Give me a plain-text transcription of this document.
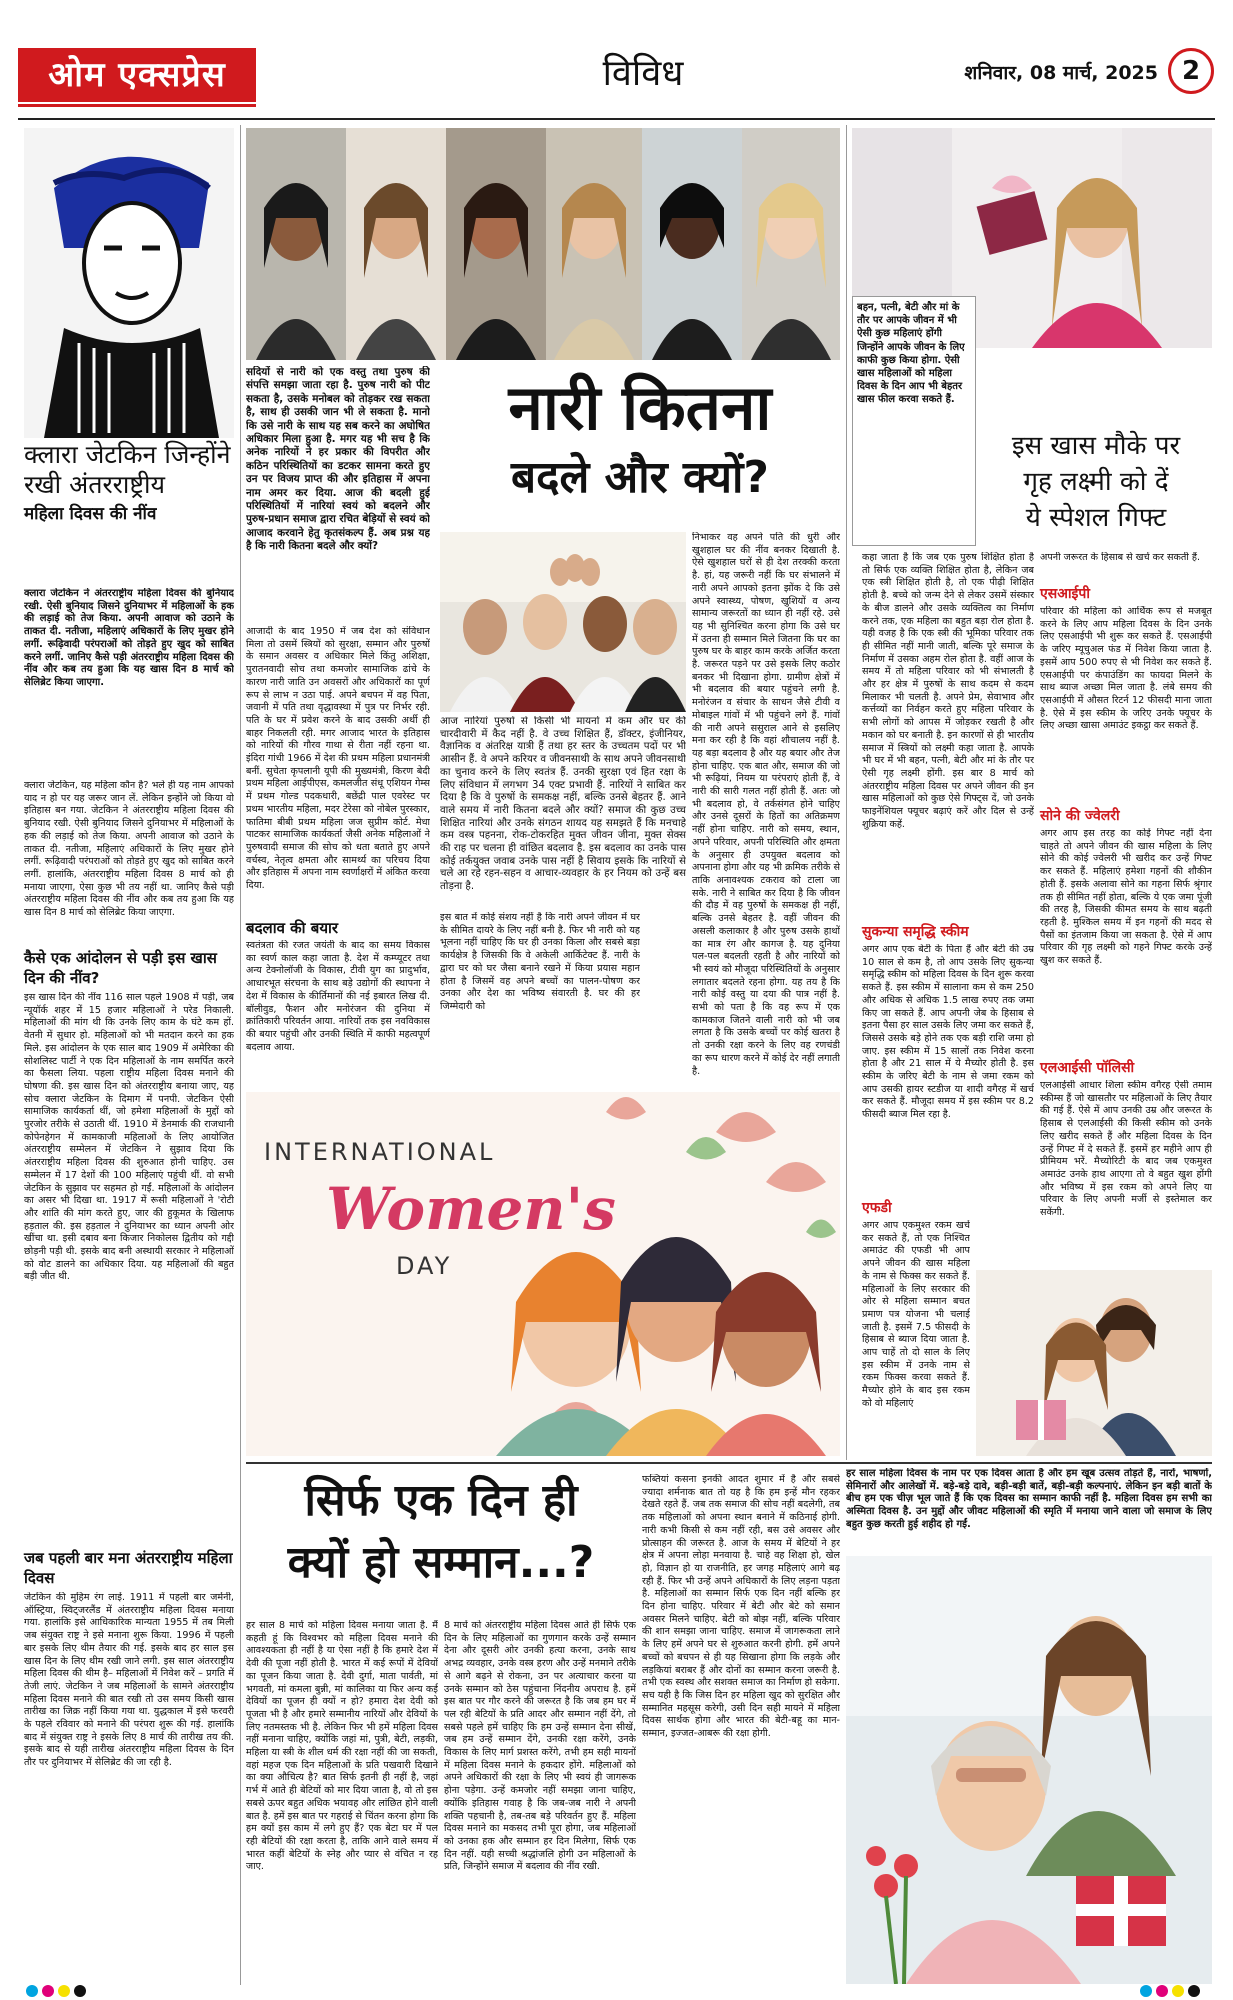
ओम एक्सप्रेस	विविध	शनिवार, 08 मार्च, 2025 2
क्लारा जेटकिन जिन्होंने रखी अंतरराष्ट्रीय
महिला दिवस की नींव
क्लारा जेटकिन ने अंतरराष्ट्रीय महिला दिवस की बुनियाद रखी. ऐसी बुनियाद जिसने दुनियाभर में महिलाओं के हक की लड़ाई को तेज किया. अपनी आवाज को उठाने के ताकत दी. नतीजा, महिलाएं अधिकारों के लिए मुखर होने लगीं. रूढ़िवादी परंपराओं को तोड़ते हुए खुद को साबित करने लगीं. जानिए कैसे पड़ी अंतरराष्ट्रीय महिला दिवस की नींव और कब तय हुआ कि यह खास दिन 8 मार्च को सेलिब्रेट किया जाएगा.
क्लारा जेटकिन, यह महिला कौन है? भले ही यह नाम आपको याद न हो पर यह जरूर जान लें. लेकिन इन्होंने जो किया वो इतिहास बन गया. जेटकिन ने अंतरराष्ट्रीय महिला दिवस की बुनियाद रखी. ऐसी बुनियाद जिसने दुनियाभर में महिलाओं के हक की लड़ाई को तेज किया. अपनी आवाज को उठाने के ताकत दी. नतीजा, महिलाएं अधिकारों के लिए मुखर होने लगीं. रूढ़िवादी परंपराओं को तोड़ते हुए खुद को साबित करने लगीं. हालांकि, अंतरराष्ट्रीय महिला दिवस 8 मार्च को ही मनाया जाएगा, ऐसा कुछ भी तय नहीं था. जानिए कैसे पड़ी अंतरराष्ट्रीय महिला दिवस की नींव और कब तय हुआ कि यह खास दिन 8 मार्च को सेलिब्रेट किया जाएगा.
कैसे एक आंदोलन से पड़ी इस खास दिन की नींव?
इस खास दिन की नींव 116 साल पहले 1908 में पड़ी, जब न्यूयॉर्क शहर में 15 हजार महिलाओं ने परेड निकाली. महिलाओं की मांग थी कि उनके लिए काम के घंटे कम हों. वेतनी में सुधार हो. महिलाओं को भी मतदान करने का हक मिले. इस आंदोलन के एक साल बाद 1909 में अमेरिका की सोशलिस्ट पार्टी ने एक दिन महिलाओं के नाम समर्पित करने का फैसला लिया. पहला राष्ट्रीय महिला दिवस मनाने की घोषणा की. इस खास दिन को अंतरराष्ट्रीय बनाया जाए, यह सोच क्लारा जेटकिन के दिमाग में पनपी. जेटकिन ऐसी सामाजिक कार्यकर्ता थीं, जो हमेशा महिलाओं के मुद्दों को पुरजोर तरीके से उठाती थीं. 1910 में डेनमार्क की राजधानी कोपेनहेगन में कामकाजी महिलाओं के लिए आयोजित अंतरराष्ट्रीय सम्मेलन में जेटकिन ने सुझाव दिया कि अंतरराष्ट्रीय महिला दिवस की शुरुआत होनी चाहिए. उस सम्मेलन में 17 देशों की 100 महिलाएं पहुंची थीं. वो सभी जेटकिन के सुझाव पर सहमत हो गईं. महिलाओं के आंदोलन का असर भी दिखा था. 1917 में रूसी महिलाओं ने 'रोटी और शांति की मांग करते हुए, जार की हुकूमत के खिलाफ हड़ताल की. इस हड़ताल ने दुनियाभर का ध्यान अपनी ओर खींचा था. इसी दबाव बना किजार निकोलस द्वितीय को गद्दी छोड़नी पड़ी थी. इसके बाद बनी अस्थायी सरकार ने महिलाओं को वोट डालने का अधिकार दिया. यह महिलाओं की बहुत बड़ी जीत थी.
जब पहली बार मना अंतरराष्ट्रीय महिला दिवस
जेटकिन की मुहिम रंग लाई. 1911 में पहली बार जर्मनी, ऑस्ट्रिया, स्विट्जरलैंड में अंतरराष्ट्रीय महिला दिवस मनाया गया. हालांकि इसे आधिकारिक मान्यता 1955 में तब मिली जब संयुक्त राष्ट्र ने इसे मनाना शुरू किया. 1996 में पहली बार इसके लिए थीम तैयार की गई. इसके बाद हर साल इस खास दिन के लिए थीम रखी जाने लगी. इस साल अंतरराष्ट्रीय महिला दिवस की थीम है– महिलाओं में निवेश करें – प्रगति में तेजी लाएं. जेटकिन ने जब महिलाओं के सामने अंतरराष्ट्रीय महिला दिवस मनाने की बात रखी तो उस समय किसी खास तारीख का जिक्र नहीं किया गया था. युद्धकाल में इसे फरवरी के पहले रविवार को मनाने की परंपरा शुरू की गई. हालांकि बाद में संयुक्त राष्ट्र ने इसके लिए 8 मार्च की तारीख तय की. इसके बाद से यही तारीख अंतरराष्ट्रीय महिला दिवस के दिन तौर पर दुनियाभर में सेलिब्रेट की जा रही है.
सदियों से नारी को एक वस्तु तथा पुरुष की संपत्ति समझा जाता रहा है. पुरुष नारी को पीट सकता है, उसके मनोबल को तोड़कर रख सकता है, साथ ही उसकी जान भी ले सकता है. मानो कि उसे नारी के साथ यह सब करने का अघोषित अधिकार मिला हुआ है. मगर यह भी सच है कि अनेक नारियों ने हर प्रकार की विपरीत और कठिन परिस्थितियों का डटकर सामना करते हुए उन पर विजय प्राप्त की और इतिहास में अपना नाम अमर कर दिया. आज की बदली हुई परिस्थितियों में नारियां स्वयं को बदलने और पुरुष-प्रधान समाज द्वारा रचित बेड़ियों से स्वयं को आजाद करवाने हेतु कृतसंकल्प हैं. अब प्रश्न यह है कि नारी कितना बदले और क्यों?
आजादी के बाद 1950 में जब देश को संविधान मिला तो उसमें स्त्रियों को सुरक्षा, सम्मान और पुरुषों के समान अवसर व अधिकार मिले किंतु अशिक्षा, पुरातनवादी सोच तथा कमजोर सामाजिक ढांचे के कारण नारी जाति उन अवसरों और अधिकारों का पूर्ण रूप से लाभ न उठा पाई. अपने बचपन में वह पिता, जवानी में पति तथा वृद्धावस्था में पुत्र पर निर्भर रही. पति के घर में प्रवेश करने के बाद उसकी अर्थी ही बाहर निकलती रही. मगर आजाद भारत के इतिहास को नारियों की गौरव गाथा से रीता नहीं रहना था. इंदिरा गांधी 1966 में देश की प्रथम महिला प्रधानमंत्री बनीं. सुचेता कृपलानी यूपी की मुख्यमंत्री, किरण बेदी प्रथम महिला आईपीएस, कमलजीत संधू एशियन गेम्स में प्रथम गोल्ड पदकधारी, बछेंद्री पाल एवरेस्ट पर प्रथम भारतीय महिला, मदर टेरेसा को नोबेल पुरस्कार, फातिमा बीबी प्रथम महिला जज सुप्रीम कोर्ट. मेधा पाटकर सामाजिक कार्यकर्ता जैसी अनेक महिलाओं ने पुरुषवादी समाज की सोच को धता बताते हुए अपने वर्चस्व, नेतृत्व क्षमता और सामर्थ्य का परिचय दिया और इतिहास में अपना नाम स्वर्णाक्षरों में अंकित करवा दिया.
बदलाव की बयार
स्वतंत्रता की रजत जयंती के बाद का समय विकास का स्वर्ण काल कहा जाता है. देश में कम्प्यूटर तथा अन्य टेक्नोलॉजी के विकास, टीवी युग का प्रादुर्भाव, आधारभूत संरचना के साथ बड़े उद्योगों की स्थापना ने देश में विकास के कीर्तिमानों की नई इबारत लिख दी. बॉलीवुड, फैशन और मनोरंजन की दुनिया में क्रांतिकारी परिवर्तन आया. नारियों तक इस नवविकास की बयार पहुंची और उनकी स्थिति में काफी महत्वपूर्ण बदलाव आया.
नारी कितना
बदले और क्यों?
आज नारियां पुरुषों से किसी भी मायनों में कम और घर की चारदीवारी में कैद नहीं है. वे उच्च शिक्षित हैं, डॉक्टर, इंजीनियर, वैज्ञानिक व अंतरिक्ष यात्री हैं तथा हर स्तर के उच्चतम पदों पर भी आसीन हैं. वे अपने करियर व जीवनसाथी के साथ अपने जीवनसाथी का चुनाव करने के लिए स्वतंत्र हैं. उनकी सुरक्षा एवं हित रक्षा के लिए संविधान में लगभग 34 एक्ट प्रभावी हैं. नारियों ने साबित कर दिया है कि वे पुरुषों के समकक्ष नहीं, बल्कि उनसे बेहतर हैं. आने वाले समय में नारी कितना बदले और क्यों? समाज की कुछ उच्च शिक्षित नारियां और उनके संगठन शायद यह समझते हैं कि मनचाहे कम वस्त्र पहनना, रोक-टोकरहित मुक्त जीवन जीना, मुक्त सेक्स की राह पर चलना ही वांछित बदलाव है. इस बदलाव का उनके पास कोई तर्कयुक्त जवाब उनके पास नहीं है सिवाय इसके कि नारियों से चले आ रहे रहन-सहन व आचार-व्यवहार के हर नियम को उन्हें बस तोड़ना है.
इस बात में कोई संशय नहीं है कि नारी अपने जीवन में घर के सीमित दायरे के लिए नहीं बनी है. फिर भी नारी को यह भूलना नहीं चाहिए कि घर ही उनका किला और सबसे बड़ा कार्यक्षेत्र है जिसकी कि वे अकेली आर्किटेक्ट हैं. नारी के द्वारा घर को घर जैसा बनाने रखने में किया प्रयास महान होता है जिसमें वह अपने बच्चों का पालन-पोषण कर उनका और देश का भविष्य संवारती है. घर की हर जिम्मेदारी को
निभाकर वह अपने पति की धुरी और खुशहाल घर की नींव बनकर दिखाती है. ऐसे खुशहाल घरों से ही देश तरक्की करता है. हां, यह जरूरी नहीं कि घर संभालने में नारी अपने आपको इतना झोंक दे कि उसे अपने स्वास्थ्य, पोषण, खुशियों व अन्य सामान्य जरूरतों का ध्यान ही नहीं रहे. उसे यह भी सुनिश्चित करना होगा कि उसे घर में उतना ही सम्मान मिले जितना कि घर का पुरुष घर के बाहर काम करके अर्जित करता है. जरूरत पड़ने पर उसे इसके लिए कठोर बनकर भी दिखाना होगा. ग्रामीण क्षेत्रों में भी बदलाव की बयार पहुंचने लगी है. मनोरंजन व संचार के साधन जैसे टीवी व मोबाइल गांवों में भी पहुंचने लगे हैं. गांवों की नारी अपने ससुराल आने से इसलिए मना कर रही है कि वहां शौचालय नहीं है. यह बड़ा बदलाव है और यह बयार और तेज होना चाहिए. एक बात और, समाज की जो भी रूढ़ियां, नियम या परंपराएं होती हैं, वे नारी की सारी गलत नहीं होती हैं. अतः जो भी बदलाव हो, वे तर्कसंगत होने चाहिए और उनसे दूसरों के हितों का अतिक्रमण नहीं होना चाहिए. नारी को समय, स्थान, अपने परिवार, अपनी परिस्थिति और क्षमता के अनुसार ही उपयुक्त बदलाव को अपनाना होगा और यह भी क्रमिक तरीके से ताकि अनावश्यक टकराव को टाला जा सके. नारी ने साबित कर दिया है कि जीवन की दौड़ में वह पुरुषों के समकक्ष ही नहीं, बल्कि उनसे बेहतर है. वहीं जीवन की असली कलाकार है और पुरुष उसके हाथों का मात्र रंग और कागज है. यह दुनिया पल-पल बदलती रहती है और नारियों को भी स्वयं को मौजूदा परिस्थितियों के अनुसार लगातार बदलते रहना होगा. यह तय है कि नारी कोई वस्तु या दया की पात्र नहीं है. सभी को पता है कि वह रूप में एक कामकाज जितने वाली नारी को भी जब लगता है कि उसके बच्चों पर कोई खतरा है तो उनकी रक्षा करने के लिए वह रणचंडी का रूप धारण करने में कोई देर नहीं लगाती है.
INTERNATIONAL
Women's
DAY
बहन, पत्नी, बेटी और मां के तौर पर आपके जीवन में भी ऐसी कुछ महिलाएं होंगी जिन्होंने आपके जीवन के लिए काफी कुछ किया होगा. ऐसी खास महिलाओं को महिला दिवस के दिन आप भी बेहतर खास फील करवा सकते हैं.
इस खास मौके पर
गृह लक्ष्मी को दें
ये स्पेशल गिफ्ट
कहा जाता है कि जब एक पुरुष शिक्षित होता है तो सिर्फ एक व्यक्ति शिक्षित होता है, लेकिन जब एक स्त्री शिक्षित होती है, तो एक पीढ़ी शिक्षित होती है. बच्चे को जन्म देने से लेकर उसमें संस्कार के बीज डालने और उसके व्यक्तित्व का निर्माण करने तक, एक महिला का बहुत बड़ा रोल होता है. यही वजह है कि एक स्त्री की भूमिका परिवार तक ही सीमित नहीं मानी जाती, बल्कि पूरे समाज के निर्माण में उसका अहम रोल होता है. वहीं आज के समय में तो महिला परिवार को भी संभालती है और हर क्षेत्र में पुरुषों के साथ कदम से कदम मिलाकर भी चलती है. अपने प्रेम, सेवाभाव और कर्त्तव्यों का निर्वहन करते हुए महिला परिवार के सभी लोगों को आपस में जोड़कर रखती है और मकान को घर बनाती है. इन कारणों से ही भारतीय समाज में स्त्रियों को लक्ष्मी कहा जाता है. आपके भी घर में भी बहन, पत्नी, बेटी और मां के तौर पर ऐसी गृह लक्ष्मी होंगी. इस बार 8 मार्च को अंतरराष्ट्रीय महिला दिवस पर अपने जीवन की इन खास महिलाओं को कुछ ऐसे गिफ्ट्स दें, जो उनके फाइनेंशियल फ्यूचर बढ़ाएं करें और दिल से उन्हें शुक्रिया कहें.
सुकन्या समृद्धि स्कीम
अगर आप एक बेटी के पिता हैं और बेटी की उम्र 10 साल से कम है, तो आप उसके लिए सुकन्या समृद्धि स्कीम को महिला दिवस के दिन शुरू करवा सकते हैं. इस स्कीम में सालाना कम से कम 250 और अधिक से अधिक 1.5 लाख रुपए तक जमा किए जा सकते हैं. आप अपनी जेब के हिसाब से इतना पैसा हर साल उसके लिए जमा कर सकते हैं, जिससे उसके बड़े होने तक एक बड़ी राशि जमा हो जाए. इस स्कीम में 15 सालों तक निवेश करना होता है और 21 साल में ये मैच्योर होती है. इस स्कीम के जरिए बेटी के नाम से जमा रकम को आप उसकी हायर स्टडीज या शादी वगैरह में खर्च कर सकते हैं. मौजूदा समय में इस स्कीम पर 8.2 फीसदी ब्याज मिल रहा है.
एफडी
अगर आप एकमुश्त रकम खर्च कर सकते हैं, तो एक निश्चित अमाउंट की एफडी भी आप अपने जीवन की खास महिला के नाम से फिक्स कर सकते हैं. महिलाओं के लिए सरकार की ओर से महिला सम्मान बचत प्रमाण पत्र योजना भी चलाई जाती है. इसमें 7.5 फीसदी के हिसाब से ब्याज दिया जाता है. आप चाहें तो दो साल के लिए इस स्कीम में उनके नाम से रकम फिक्स करवा सकते हैं. मैच्योर होने के बाद इस रकम को वो महिलाएं
अपनी जरूरत के हिसाब से खर्च कर सकती हैं.
एसआईपी
परिवार की महिला को आर्थिक रूप से मजबूत करने के लिए आप महिला दिवस के दिन उनके लिए एसआईपी भी शुरू कर सकते हैं. एसआईपी के जरिए म्यूचुअल फंड में निवेश किया जाता है. इसमें आप 500 रुपए से भी निवेश कर सकते हैं. एसआईपी पर कंपाउंडिंग का फायदा मिलने के साथ ब्याज अच्छा मिल जाता है. लंबे समय की एसआईपी में औसत रिटर्न 12 फीसदी माना जाता है. ऐसे में इस स्कीम के जरिए उनके फ्यूचर के लिए अच्छा खासा अमाउंट इकट्ठा कर सकते हैं.
सोने की ज्वेलरी
अगर आप इस तरह का कोई गिफ्ट नहीं देना चाहते तो अपने जीवन की खास महिला के लिए सोने की कोई ज्वेलरी भी खरीद कर उन्हें गिफ्ट कर सकते हैं. महिलाएं हमेशा गहनों की शौकीन होती हैं. इसके अलावा सोने का गहना सिर्फ श्रृंगार तक ही सीमित नहीं होता, बल्कि ये एक जमा पूंजी की तरह है, जिसकी कीमत समय के साथ बढ़ती रहती है. मुश्किल समय में इन गहनों की मदद से पैसों का इंतजाम किया जा सकता है. ऐसे में आप परिवार की गृह लक्ष्मी को गहने गिफ्ट करके उन्हें खुश कर सकते हैं.
एलआईसी पॉलिसी
एलआईसी आधार शिला स्कीम वगैरह ऐसी तमाम स्कीम्स हैं जो खासतौर पर महिलाओं के लिए तैयार की गई हैं. ऐसे में आप उनकी उम्र और जरूरत के हिसाब से एलआईसी की किसी स्कीम को उनके लिए खरीद सकते हैं और महिला दिवस के दिन उन्हें गिफ्ट में दे सकते हैं. इसमें हर महीने आप ही प्रीमियम भरें. मैच्योरिटी के बाद जब एकमुश्त अमाउंट उनके हाथ आएगा तो वे बहुत खुश होंगी और भविष्य में इस रकम को अपने लिए या परिवार के लिए अपनी मर्जी से इस्तेमाल कर सकेंगी.
हर साल महिला दिवस के नाम पर एक दिवस आता है और हम खूब उत्सव तोड़ते हैं, नारों, भाषणों, सेमिनारों और आलेखों में. बड़े-बड़े दावे, बड़ी-बड़ी बातें, बड़ी-बड़ी कल्पनाएं. लेकिन इन बड़ी बातों के बीच हम एक चीज़ भूल जाते हैं कि एक दिवस का सम्मान काफी नहीं है. महिला दिवस हम सभी का अस्मिता दिवस है. उन मुद्दों और जीवट महिलाओं की स्मृति में मनाया जाने वाला जो समाज के लिए बहुत कुछ करती हुई शहीद हो गईं.
सिर्फ एक दिन ही
क्यों हो सम्मान...?
हर साल 8 मार्च को महिला दिवस मनाया जाता है. मैं कहती हूं कि विश्वभर को महिला दिवस मनाने की आवश्यकता ही नहीं है या ऐसा नहीं है कि हमारे देश में देवी की पूजा नहीं होती है. भारत में कई रूपों में देवियों का पूजन किया जाता है. देवी दुर्गा, माता पार्वती, मां भगवती, मां कमला बुन्नी, मां कालिका या फिर अन्य कई देवियों का पूजन ही क्यों न हो? हमारा देश देवी को पूजता भी है और हमारे सम्मानीय नारियों और देवियों के लिए नतमस्तक भी है. लेकिन फिर भी हमें महिला दिवस नहीं मनाना चाहिए, क्योंकि जहां मां, पुत्री, बेटी, लड़की, महिला या स्त्री के शील धर्म की रक्षा नहीं की जा सकती, वहां महज एक दिन महिलाओं के प्रति पखवारी दिखाने का क्या औचित्य है? बात सिर्फ इतनी ही नहीं है, जहां गर्भ में आते ही बेटियों को मार दिया जाता है, वो तो इस सबसे ऊपर बहुत अधिक भयावह और लांछित होने वाली बात है. हमें इस बात पर गहराई से चिंतन करना होगा कि हम क्यों इस काम में लगे हुए हैं? एक बेटा घर में पल रही बेटियों की रक्षा करता है, ताकि आने वाले समय में भारत कहीं बेटियों के स्नेह और प्यार से वंचित न रह जाए.
8 मार्च को अंतरराष्ट्रीय महिला दिवस आते ही सिर्फ एक दिन के लिए महिलाओं का गुणगान करके उन्हें सम्मान देना और दूसरी ओर उनकी हत्या करना, उनके साथ अभद्र व्यवहार, उनके वस्त्र हरण और उन्हें मनमाने तरीके से आगे बढ़ने से रोकना, उन पर अत्याचार करना या उनके सम्मान को ठेस पहुंचाना निंदनीय अपराध है. हमें इस बात पर गौर करने की जरूरत है कि जब हम घर में पल रही बेटियों के प्रति आदर और सम्मान नहीं देंगे, तो सबसे पहले हमें चाहिए कि हम उन्हें सम्मान देना सीखें, जब हम उन्हें सम्मान देंगे, उनकी रक्षा करेंगे, उनके विकास के लिए मार्ग प्रशस्त करेंगे, तभी हम सही मायनों में महिला दिवस मनाने के हकदार होंगे. महिलाओं को अपने अधिकारों की रक्षा के लिए भी स्वयं ही जागरूक होना पड़ेगा. उन्हें कमजोर नहीं समझा जाना चाहिए, क्योंकि इतिहास गवाह है कि जब-जब नारी ने अपनी शक्ति पहचानी है, तब-तब बड़े परिवर्तन हुए हैं. महिला दिवस मनाने का मकसद तभी पूरा होगा, जब महिलाओं को उनका हक और सम्मान हर दिन मिलेगा, सिर्फ एक दिन नहीं. यही सच्ची श्रद्धांजलि होगी उन महिलाओं के प्रति, जिन्होंने समाज में बदलाव की नींव रखी.
फब्तियां कसना इनकी आदत शुमार में है और सबसे ज्यादा शर्मनाक बात तो यह है कि हम इन्हें मौन रहकर देखते रहते हैं. जब तक समाज की सोच नहीं बदलेगी, तब तक महिलाओं को अपना स्थान बनाने में कठिनाई होगी. नारी कभी किसी से कम नहीं रही, बस उसे अवसर और प्रोत्साहन की जरूरत है. आज के समय में बेटियों ने हर क्षेत्र में अपना लोहा मनवाया है. चाहे वह शिक्षा हो, खेल हो, विज्ञान हो या राजनीति, हर जगह महिलाएं आगे बढ़ रही हैं. फिर भी उन्हें अपने अधिकारों के लिए लड़ना पड़ता है. महिलाओं का सम्मान सिर्फ एक दिन नहीं बल्कि हर दिन होना चाहिए. परिवार में बेटी और बेटे को समान अवसर मिलने चाहिए. बेटी को बोझ नहीं, बल्कि परिवार की शान समझा जाना चाहिए. समाज में जागरूकता लाने के लिए हमें अपने घर से शुरुआत करनी होगी. हमें अपने बच्चों को बचपन से ही यह सिखाना होगा कि लड़के और लड़कियां बराबर हैं और दोनों का सम्मान करना जरूरी है. तभी एक स्वस्थ और सशक्त समाज का निर्माण हो सकेगा. सच यही है कि जिस दिन हर महिला खुद को सुरक्षित और सम्मानित महसूस करेगी, उसी दिन सही मायने में महिला दिवस सार्थक होगा और भारत की बेटी-बहू का मान-सम्मान, इज्जत-आबरू की रक्षा होगी.
